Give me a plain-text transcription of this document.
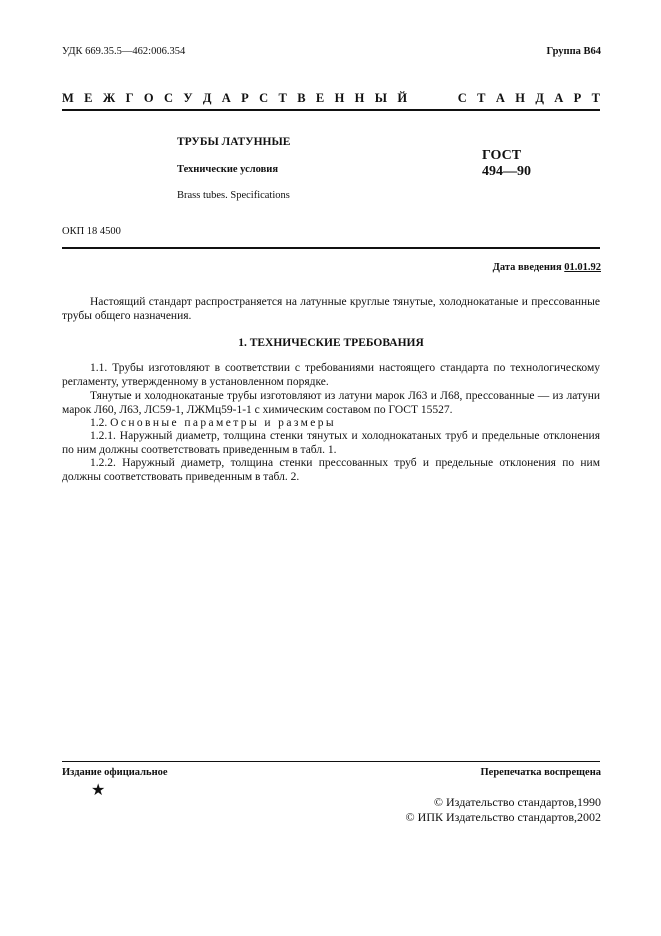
УДК 669.35.5—462:006.354	Группа В64
М Е Ж Г О С У Д А Р С Т В Е Н Н Ы Й	С Т А Н Д А Р Т
ТРУБЫ ЛАТУННЫЕ
Технические условия
Brass tubes. Specifications
ГОСТ
494—90
ОКП 18 4500
Дата введения 01.01.92
Настоящий стандарт распространяется на латунные круглые тянутые, холоднокатаные и прессованные трубы общего назначения.
1. ТЕХНИЧЕСКИЕ ТРЕБОВАНИЯ
1.1. Трубы изготовляют в соответствии с требованиями настоящего стандарта по технологическому регламенту, утвержденному в установленном порядке.
Тянутые и холоднокатаные трубы изготовляют из латуни марок Л63 и Л68, прессованные — из латуни марок Л60, Л63, ЛС59-1, ЛЖМц59-1-1 с химическим составом по ГОСТ 15527.
1.2. Основные параметры и размеры
1.2.1. Наружный диаметр, толщина стенки тянутых и холоднокатаных труб и предельные отклонения по ним должны соответствовать приведенным в табл. 1.
1.2.2. Наружный диаметр, толщина стенки прессованных труб и предельные отклонения по ним должны соответствовать приведенным в табл. 2.
Издание официальное	Перепечатка воспрещена
★
© Издательство стандартов,1990
© ИПК Издательство стандартов,2002
